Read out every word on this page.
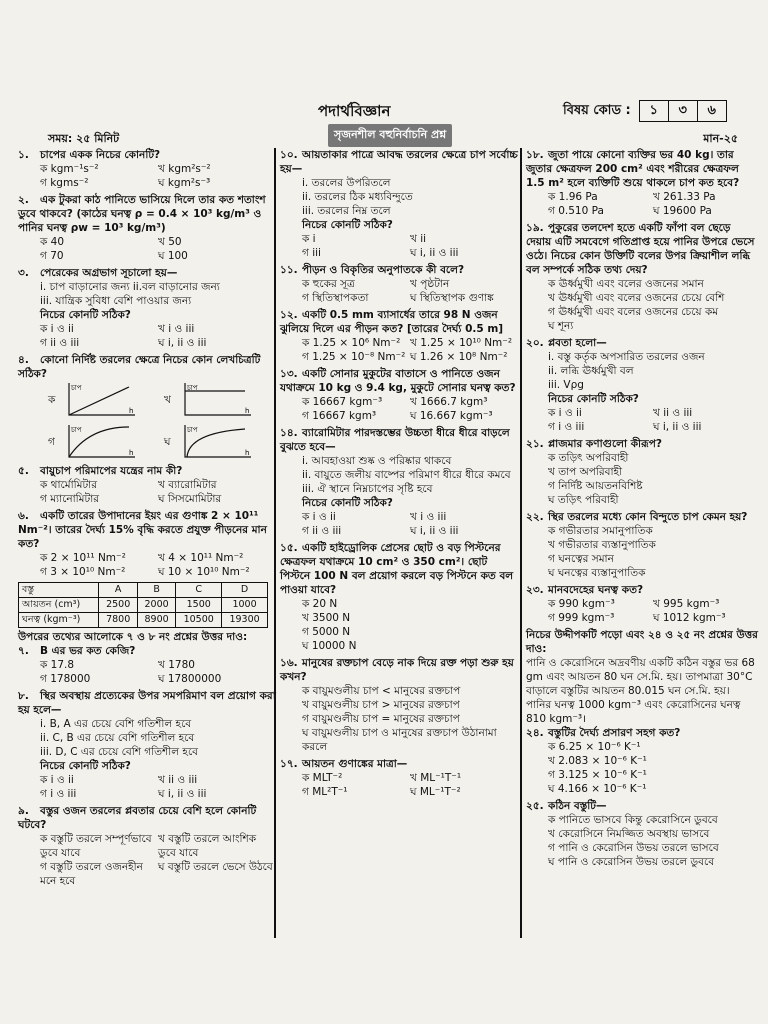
পদার্থবিজ্ঞান	বিষয় কোড :	১	৩	৬
সৃজনশীল বহুনির্বাচনি প্রশ্ন
সময়: ২৫ মিনিট	মান-২৫
১. চাপের একক নিচের কোনটি?
ক kgm⁻¹s⁻²	খ kgm²s⁻²
গ kgms⁻²	ঘ kgm²s⁻³
২. এক টুকরা কাঠ পানিতে ভাসিয়ে দিলে তার কত শতাংশ ডুবে থাকবে? (কাঠের ঘনত্ব ρ = 0.4 × 10³ kg/m³ ও পানির ঘনত্ব ρw = 10³ kg/m³)
ক 40	খ 50
গ 70	ঘ 100
৩. পেরেকের অগ্রভাগ সূচালো হয়—
i. চাপ বাড়ানোর জন্য ii.বল বাড়ানোর জন্য
iii. যান্ত্রিক সুবিধা বেশি পাওয়ার জন্য
নিচের কোনটি সঠিক?
ক i ও ii	খ i ও iii
গ ii ও iii	ঘ i, ii ও iii
৪. কোনো নির্দিষ্ট তরলের ক্ষেত্রে নিচের কোন লেখচিত্রটি সঠিক?
ক
চাপ
h
খ
চাপ
h
গ
চাপ
h
ঘ
চাপ
h
৫. বায়ুচাপ পরিমাপের যন্ত্রের নাম কী?
ক থার্মোমিটার	খ ব্যারোমিটার
গ ম্যানোমিটার	ঘ সিসমোমিটার
৬. একটি তারের উপাদানের ইয়ং এর গুণাঙ্ক 2 × 10¹¹ Nm⁻²। তারের দৈর্ঘ্য 15% বৃদ্ধি করতে প্রযুক্ত পীড়নের মান কত?
ক 2 × 10¹¹ Nm⁻²	খ 4 × 10¹¹ Nm⁻²
গ 3 × 10¹⁰ Nm⁻²	ঘ 10 × 10¹⁰ Nm⁻²
বস্তু	A	B	C	D
আয়তন (cm³)	2500	2000	1500	1000
ঘনত্ব (kgm⁻³)	7800	8900	10500	19300
উপরের তথ্যের আলোকে ৭ ও ৮ নং প্রশ্নের উত্তর দাও:
৭. B এর ভর কত কেজি?
ক 17.8	খ 1780
গ 178000	ঘ 17800000
৮. স্থির অবস্থায় প্রত্যেকের উপর সমপরিমাণ বল প্রয়োগ করা হয় হলে—
i. B, A এর চেয়ে বেশি গতিশীল হবে
ii. C, B এর চেয়ে বেশি গতিশীল হবে
iii. D, C এর চেয়ে বেশি গতিশীল হবে
নিচের কোনটি সঠিক?
ক i ও ii	খ ii ও iii
গ i ও iii	ঘ i, ii ও iii
৯. বস্তুর ওজন তরলের প্লবতার চেয়ে বেশি হলে কোনটি ঘটবে?
ক বস্তুটি তরলে সম্পূর্ণভাবে ডুবে যাবে
খ বস্তুটি তরলে আংশিক ডুবে যাবে
গ বস্তুটি তরলে ওজনহীন মনে হবে
ঘ বস্তুটি তরলে ভেসে উঠবে
১০. আয়তাকার পাত্রে আবদ্ধ তরলের ক্ষেত্রে চাপ সর্বোচ্চ হয়—
i. তরলের উপরিতলে
ii. তরলের ঠিক মধ্যবিন্দুতে
iii. তরলের নিম্ন তলে
নিচের কোনটি সঠিক?
ক i	খ ii
গ iii	ঘ i, ii ও iii
১১. পীড়ন ও বিকৃতির অনুপাতকে কী বলে?
ক হুকের সূত্র	খ পৃষ্ঠটান
গ স্থিতিস্থাপকতা	ঘ স্থিতিস্থাপক গুণাঙ্ক
১২. একটি 0.5 mm ব্যাসার্ধের তারে 98 N ওজন ঝুলিয়ে দিলে এর পীড়ন কত? [তারের দৈর্ঘ্য 0.5 m]
ক 1.25 × 10⁶ Nm⁻² খ 1.25 × 10¹⁰ Nm⁻²
গ 1.25 × 10⁻⁸ Nm⁻² ঘ 1.26 × 10⁸ Nm⁻²
১৩. একটি সোনার মুকুটের বাতাসে ও পানিতে ওজন যথাক্রমে 10 kg ও 9.4 kg, মুকুটে সোনার ঘনত্ব কত?
ক 16667 kgm⁻³	খ 1666.7 kgm³
গ 16667 kgm³	ঘ 16.667 kgm⁻³
১৪. ব্যারোমিটার পারদস্তম্ভের উচ্চতা ধীরে ধীরে বাড়লে বুঝতে হবে—
i. আবহাওয়া শুষ্ক ও পরিষ্কার থাকবে
ii. বায়ুতে জলীয় বাষ্পের পরিমাণ ধীরে ধীরে কমবে
iii. ঐ স্থানে নিম্নচাপের সৃষ্টি হবে
নিচের কোনটি সঠিক?
ক i ও ii	খ i ও iii
গ ii ও iii	ঘ i, ii ও iii
১৫. একটি হাইড্রোলিক প্রেসের ছোট ও বড় পিস্টনের ক্ষেত্রফল যথাক্রমে 10 cm² ও 350 cm²। ছোট পিস্টনে 100 N বল প্রয়োগ করলে বড় পিস্টনে কত বল পাওয়া যাবে?
ক 20 N
খ 3500 N
গ 5000 N
ঘ 10000 N
১৬. মানুষের রক্তচাপ বেড়ে নাক দিয়ে রক্ত পড়া শুরু হয় কখন?
ক বায়ুমণ্ডলীয় চাপ < মানুষের রক্তচাপ
খ বায়ুমণ্ডলীয় চাপ > মানুষের রক্তচাপ
গ বায়ুমণ্ডলীয় চাপ = মানুষের রক্তচাপ
ঘ বায়ুমণ্ডলীয় চাপ ও মানুষের রক্তচাপ উঠানামা করলে
১৭. আয়তন গুণাঙ্কের মাত্রা—
ক MLT⁻²	খ ML⁻¹T⁻¹
গ ML²T⁻¹	ঘ ML⁻¹T⁻²
১৮. জুতা পায়ে কোনো ব্যক্তির ভর 40 kg। তার জুতার ক্ষেত্রফল 200 cm² এবং শরীরের ক্ষেত্রফল 1.5 m² হলে ব্যক্তিটি শুয়ে থাকলে চাপ কত হবে?
ক 1.96 Pa	খ 261.33 Pa
গ 0.510 Pa	ঘ 19600 Pa
১৯. পুকুরের তলদেশ হতে একটি ফাঁপা বল ছেড়ে দেয়ায় এটি সমবেগে গতিপ্রাপ্ত হয়ে পানির উপরে ভেসে ওঠে। নিচের কোন উক্তিটি বলের উপর ক্রিয়াশীল লব্ধি বল সম্পর্কে সঠিক তথ্য দেয়?
ক ঊর্ধ্বমুখী এবং বলের ওজনের সমান
খ ঊর্ধ্বমুখী এবং বলের ওজনের চেয়ে বেশি
গ ঊর্ধ্বমুখী এবং বলের ওজনের চেয়ে কম
ঘ শূন্য
২০. প্লবতা হলো—
i. বস্তু কর্তৃক অপসারিত তরলের ওজন
ii. লব্ধি ঊর্ধ্বমুখী বল
iii. Vρg
নিচের কোনটি সঠিক?
ক i ও ii	খ ii ও iii
গ i ও iii	ঘ i, ii ও iii
২১. প্লাজমার কণাগুলো কীরূপ?
ক তড়িৎ অপরিবাহী
খ তাপ অপরিবাহী
গ নির্দিষ্ট আয়তনবিশিষ্ট
ঘ তড়িৎ পরিবাহী
২২. স্থির তরলের মধ্যে কোন বিন্দুতে চাপ কেমন হয়?
ক গভীরতার সমানুপাতিক
খ গভীরতার ব্যস্তানুপাতিক
গ ঘনত্বের সমান
ঘ ঘনত্বের ব্যস্তানুপাতিক
২৩. মানবদেহের ঘনত্ব কত?
ক 990 kgm⁻³	খ 995 kgm⁻³
গ 999 kgm⁻³	ঘ 1012 kgm⁻³
নিচের উদ্দীপকটি পড়ো এবং ২৪ ও ২৫ নং প্রশ্নের উত্তর দাও:
পানি ও কেরোসিনে অদ্রবণীয় একটি কঠিন বস্তুর ভর 68 gm এবং আয়তন 80 ঘন সে.মি. হয়। তাপমাত্রা 30°C বাড়ালে বস্তুটির আয়তন 80.015 ঘন সে.মি. হয়। পানির ঘনত্ব 1000 kgm⁻³ এবং কেরোসিনের ঘনত্ব 810 kgm⁻³।
২৪. বস্তুটির দৈর্ঘ্য প্রসারণ সহগ কত?
ক 6.25 × 10⁻⁶ K⁻¹
খ 2.083 × 10⁻⁶ K⁻¹
গ 3.125 × 10⁻⁶ K⁻¹
ঘ 4.166 × 10⁻⁶ K⁻¹
২৫. কঠিন বস্তুটি—
ক পানিতে ভাসবে কিন্তু কেরোসিনে ডুববে
খ কেরোসিনে নিমজ্জিত অবস্থায় ভাসবে
গ পানি ও কেরোসিন উভয় তরলে ভাসবে
ঘ পানি ও কেরোসিন উভয় তরলে ডুববে
